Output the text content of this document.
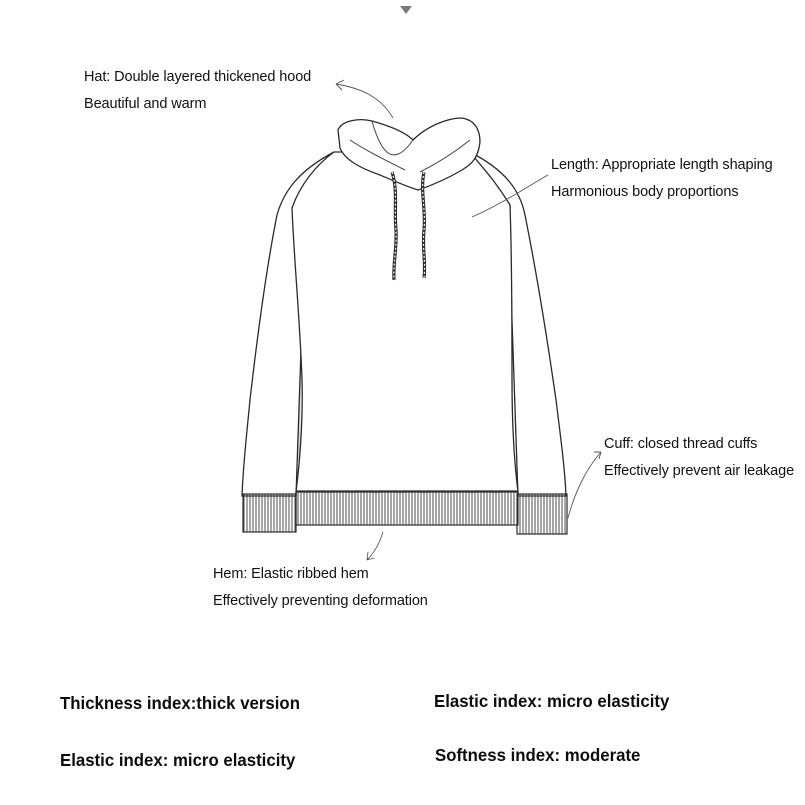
Hat: Double layered thickened hood
Beautiful and warm
Length: Appropriate length shaping
Harmonious body proportions
Cuff: closed thread cuffs
Effectively prevent air leakage
Hem: Elastic ribbed hem
Effectively preventing deformation
Thickness index:thick version	Elastic index: micro elasticity
Elastic index: micro elasticity	Softness index: moderate
